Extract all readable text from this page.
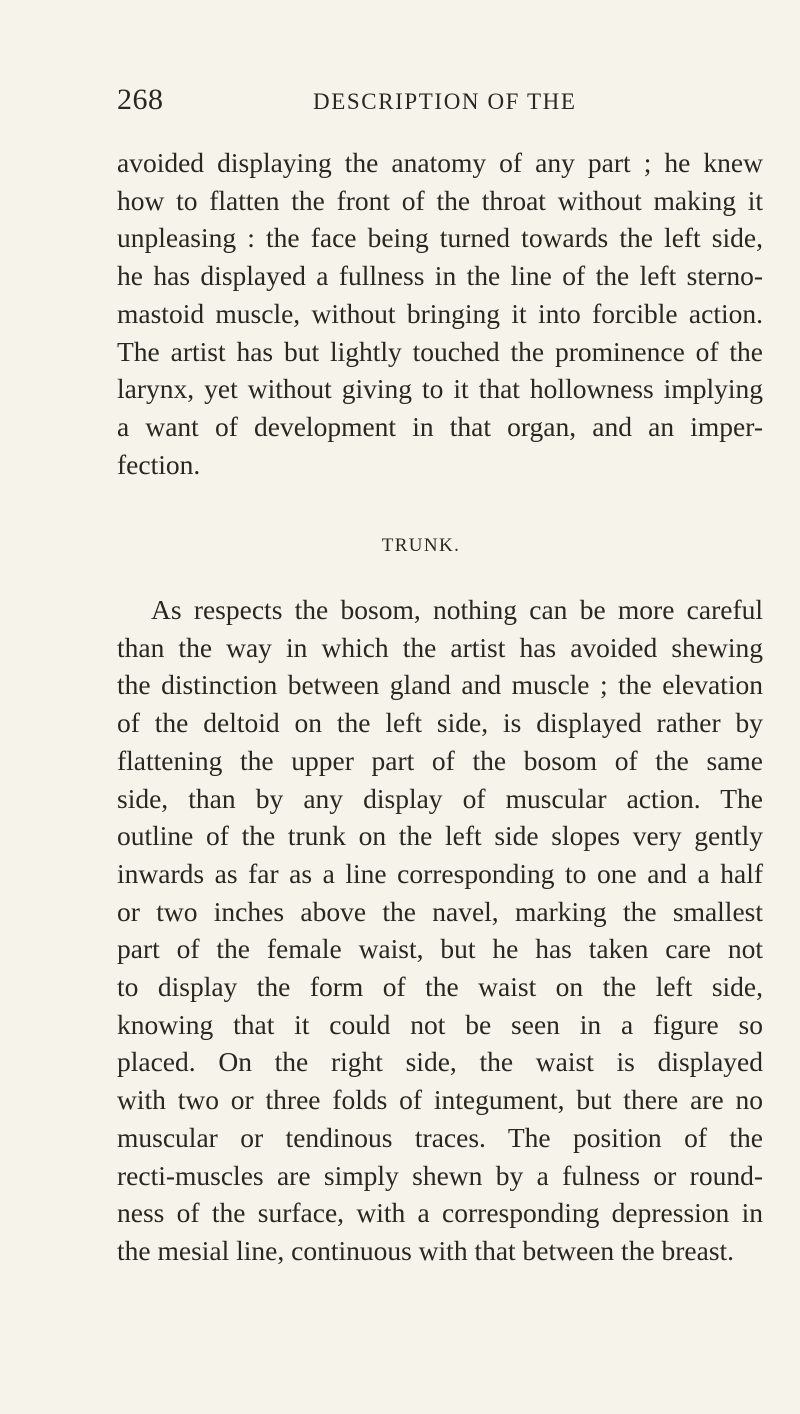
268	DESCRIPTION OF THE

avoided displaying the anatomy of any part ; he knew
how to flatten the front of the throat without making it
unpleasing : the face being turned towards the left side,
he has displayed a fullness in the line of the left sterno-
mastoid muscle, without bringing it into forcible action.
The artist has but lightly touched the prominence of the
larynx, yet without giving to it that hollowness implying
a want of development in that organ, and an imper-
fection.

TRUNK.

As respects the bosom, nothing can be more careful
than the way in which the artist has avoided shewing
the distinction between gland and muscle ; the elevation
of the deltoid on the left side, is displayed rather by
flattening the upper part of the bosom of the same
side, than by any display of muscular action. The
outline of the trunk on the left side slopes very gently
inwards as far as a line corresponding to one and a half
or two inches above the navel, marking the smallest
part of the female waist, but he has taken care not
to display the form of the waist on the left side,
knowing that it could not be seen in a figure so
placed. On the right side, the waist is displayed
with two or three folds of integument, but there are no
muscular or tendinous traces. The position of the
recti-muscles are simply shewn by a fulness or round-
ness of the surface, with a corresponding depression in
the mesial line, continuous with that between the breast.
